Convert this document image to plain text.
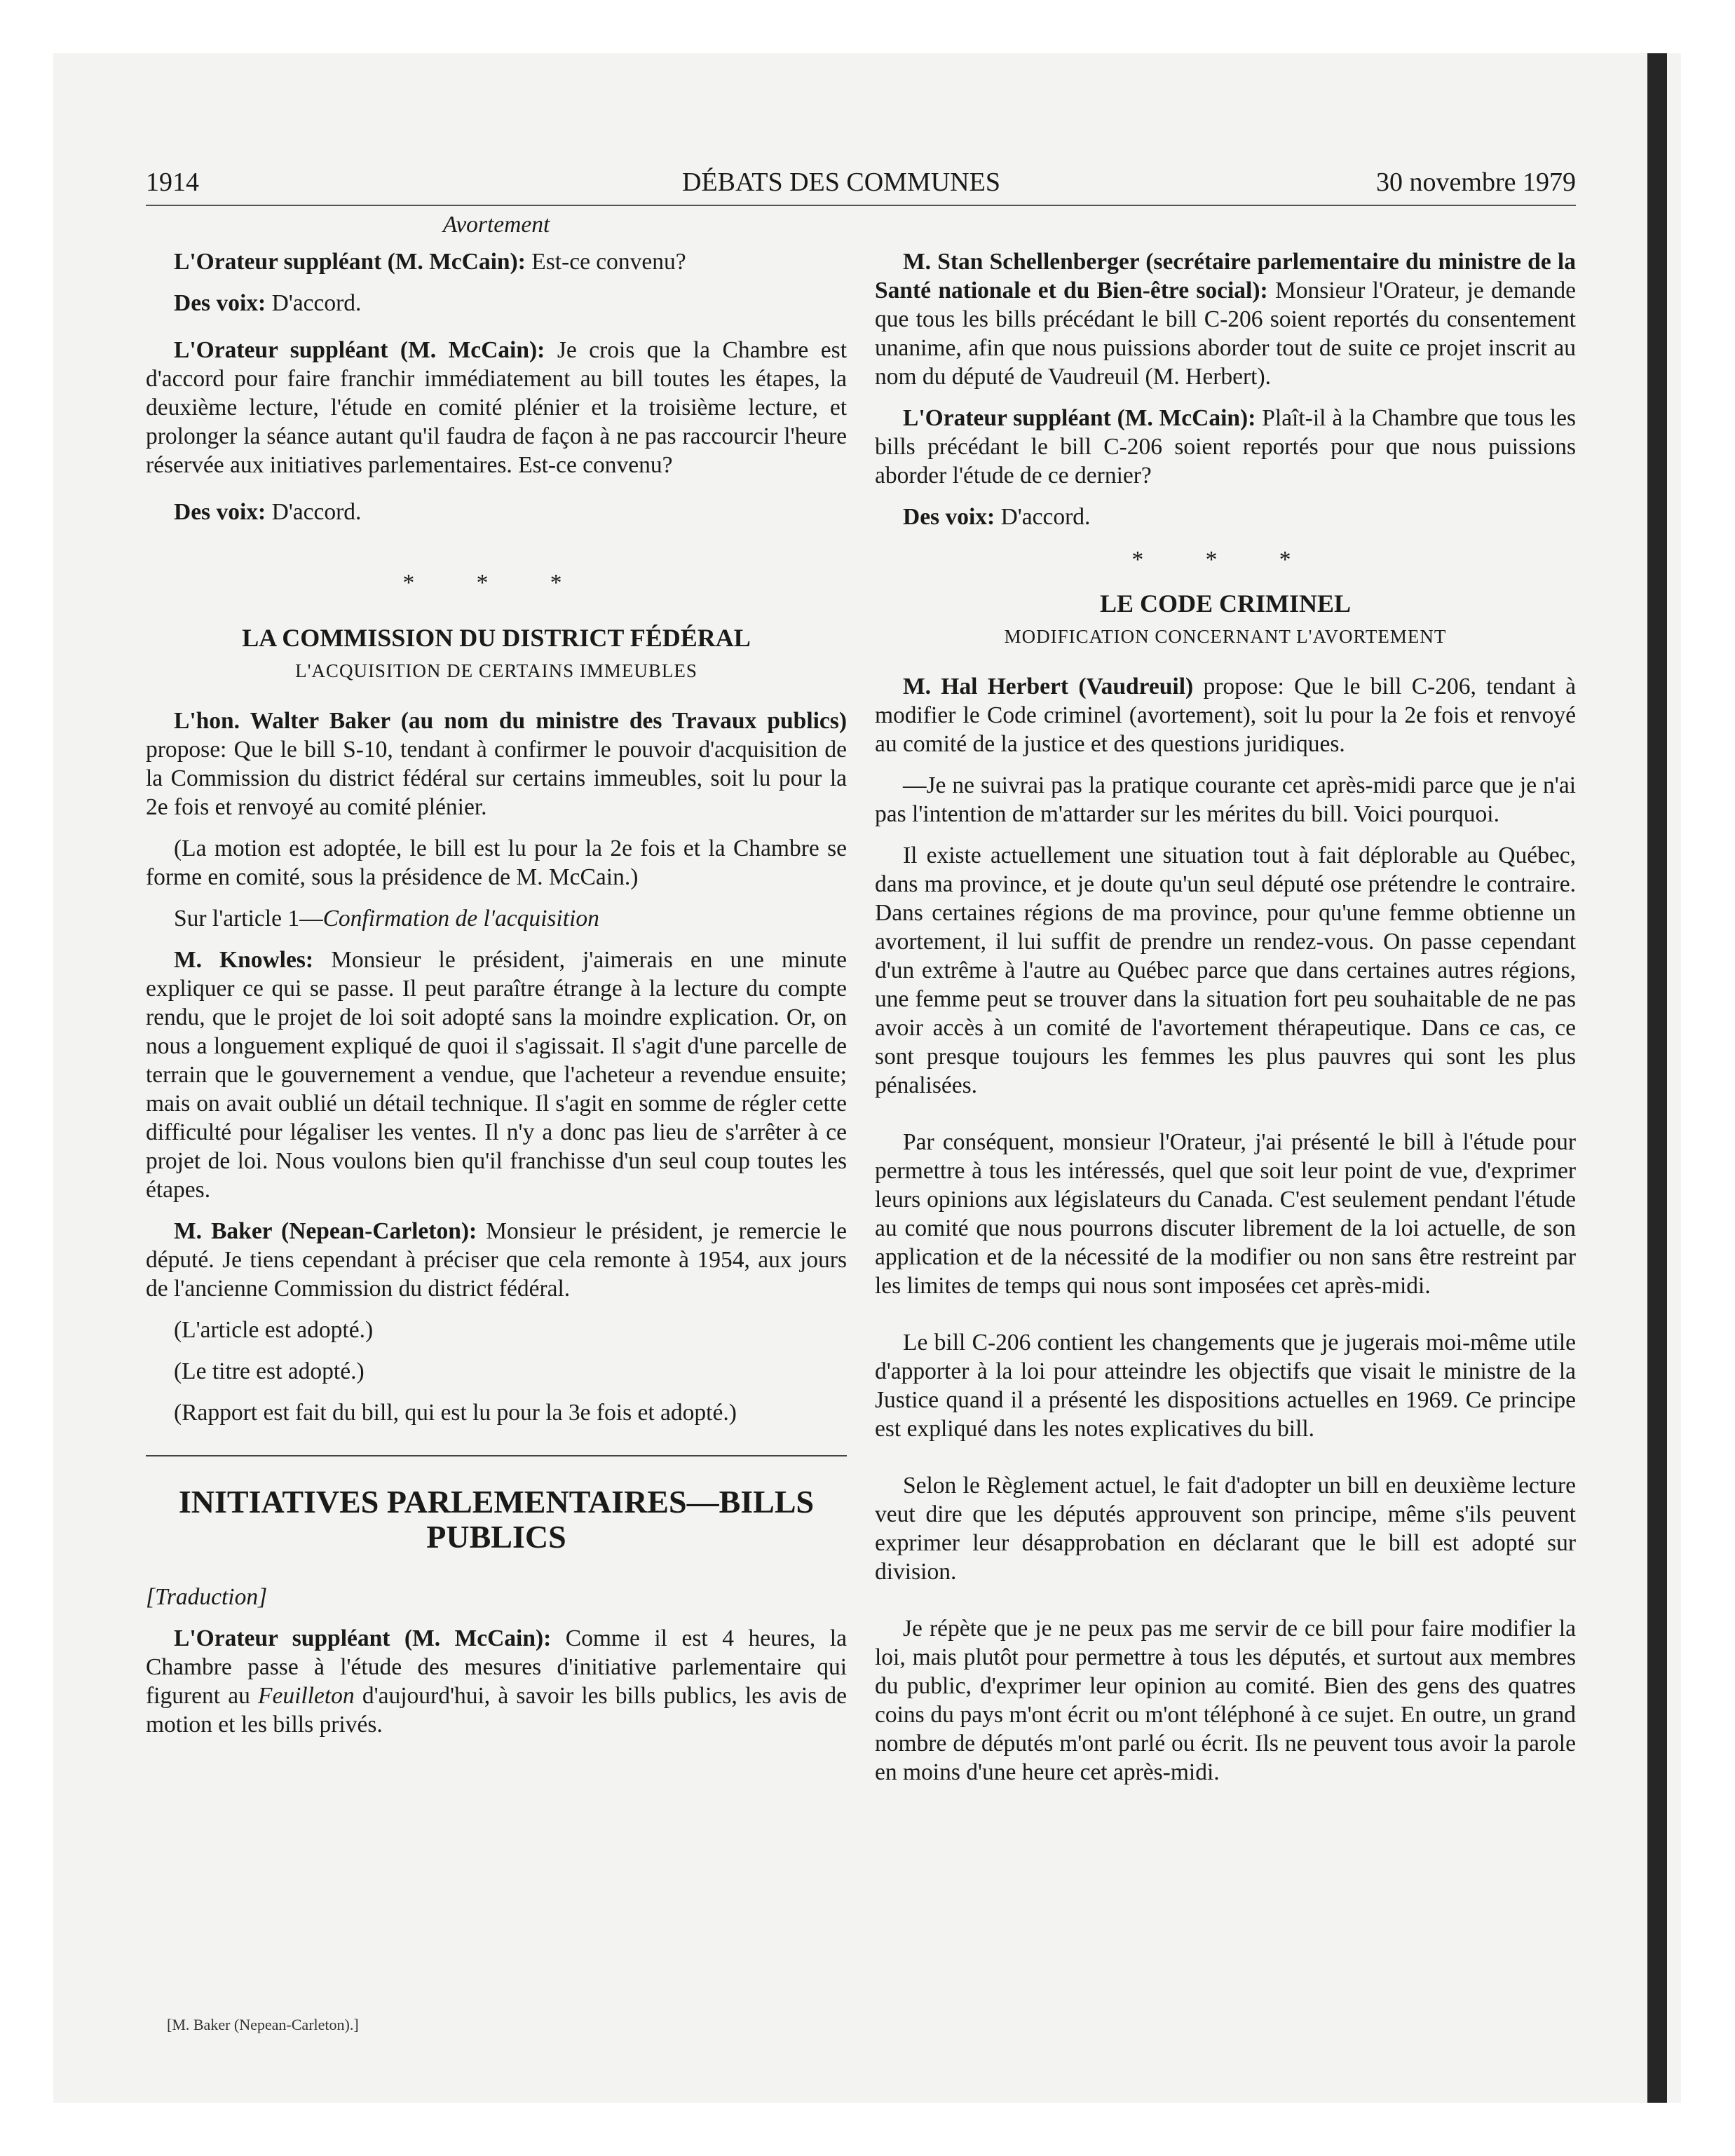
1914	DÉBATS DES COMMUNES	30 novembre 1979
Avortement

L'Orateur suppléant (M. McCain): Est-ce convenu?

Des voix: D'accord.

L'Orateur suppléant (M. McCain): Je crois que la Chambre est d'accord pour faire franchir immédiatement au bill toutes les étapes, la deuxième lecture, l'étude en comité plénier et la troisième lecture, et prolonger la séance autant qu'il faudra de façon à ne pas raccourcir l'heure réservée aux initiatives parlementaires. Est-ce convenu?

Des voix: D'accord.

* * *
LA COMMISSION DU DISTRICT FÉDÉRAL
L'ACQUISITION DE CERTAINS IMMEUBLES

L'hon. Walter Baker (au nom du ministre des Travaux publics) propose: Que le bill S-10, tendant à confirmer le pouvoir d'acquisition de la Commission du district fédéral sur certains immeubles, soit lu pour la 2e fois et renvoyé au comité plénier.

(La motion est adoptée, le bill est lu pour la 2e fois et la Chambre se forme en comité, sous la présidence de M. McCain.)

Sur l'article 1—Confirmation de l'acquisition

M. Knowles: Monsieur le président, j'aimerais en une minute expliquer ce qui se passe. Il peut paraître étrange à la lecture du compte rendu, que le projet de loi soit adopté sans la moindre explication. Or, on nous a longuement expliqué de quoi il s'agissait. Il s'agit d'une parcelle de terrain que le gouvernement a vendue, que l'acheteur a revendue ensuite; mais on avait oublié un détail technique. Il s'agit en somme de régler cette difficulté pour légaliser les ventes. Il n'y a donc pas lieu de s'arrêter à ce projet de loi. Nous voulons bien qu'il franchisse d'un seul coup toutes les étapes.

M. Baker (Nepean-Carleton): Monsieur le président, je remercie le député. Je tiens cependant à préciser que cela remonte à 1954, aux jours de l'ancienne Commission du district fédéral.

(L'article est adopté.)

(Le titre est adopté.)

(Rapport est fait du bill, qui est lu pour la 3e fois et adopté.)

INITIATIVES PARLEMENTAIRES—BILLS PUBLICS

[Traduction]

L'Orateur suppléant (M. McCain): Comme il est 4 heures, la Chambre passe à l'étude des mesures d'initiative parlementaire qui figurent au Feuilleton d'aujourd'hui, à savoir les bills publics, les avis de motion et les bills privés.

M. Stan Schellenberger (secrétaire parlementaire du ministre de la Santé nationale et du Bien-être social): Monsieur l'Orateur, je demande que tous les bills précédant le bill C-206 soient reportés du consentement unanime, afin que nous puissions aborder tout de suite ce projet inscrit au nom du député de Vaudreuil (M. Herbert).

L'Orateur suppléant (M. McCain): Plaît-il à la Chambre que tous les bills précédant le bill C-206 soient reportés pour que nous puissions aborder l'étude de ce dernier?

Des voix: D'accord.

* * *
LE CODE CRIMINEL
MODIFICATION CONCERNANT L'AVORTEMENT

M. Hal Herbert (Vaudreuil) propose: Que le bill C-206, tendant à modifier le Code criminel (avortement), soit lu pour la 2e fois et renvoyé au comité de la justice et des questions juridiques.

—Je ne suivrai pas la pratique courante cet après-midi parce que je n'ai pas l'intention de m'attarder sur les mérites du bill. Voici pourquoi.

Il existe actuellement une situation tout à fait déplorable au Québec, dans ma province, et je doute qu'un seul député ose prétendre le contraire. Dans certaines régions de ma province, pour qu'une femme obtienne un avortement, il lui suffit de prendre un rendez-vous. On passe cependant d'un extrême à l'autre au Québec parce que dans certaines autres régions, une femme peut se trouver dans la situation fort peu souhaitable de ne pas avoir accès à un comité de l'avortement thérapeutique. Dans ce cas, ce sont presque toujours les femmes les plus pauvres qui sont les plus pénalisées.

Par conséquent, monsieur l'Orateur, j'ai présenté le bill à l'étude pour permettre à tous les intéressés, quel que soit leur point de vue, d'exprimer leurs opinions aux législateurs du Canada. C'est seulement pendant l'étude au comité que nous pourrons discuter librement de la loi actuelle, de son application et de la nécessité de la modifier ou non sans être restreint par les limites de temps qui nous sont imposées cet après-midi.

Le bill C-206 contient les changements que je jugerais moi-même utile d'apporter à la loi pour atteindre les objectifs que visait le ministre de la Justice quand il a présenté les dispositions actuelles en 1969. Ce principe est expliqué dans les notes explicatives du bill.

Selon le Règlement actuel, le fait d'adopter un bill en deuxième lecture veut dire que les députés approuvent son principe, même s'ils peuvent exprimer leur désapprobation en déclarant que le bill est adopté sur division.

Je répète que je ne peux pas me servir de ce bill pour faire modifier la loi, mais plutôt pour permettre à tous les députés, et surtout aux membres du public, d'exprimer leur opinion au comité. Bien des gens des quatres coins du pays m'ont écrit ou m'ont téléphoné à ce sujet. En outre, un grand nombre de députés m'ont parlé ou écrit. Ils ne peuvent tous avoir la parole en moins d'une heure cet après-midi.

[M. Baker (Nepean-Carleton).]
